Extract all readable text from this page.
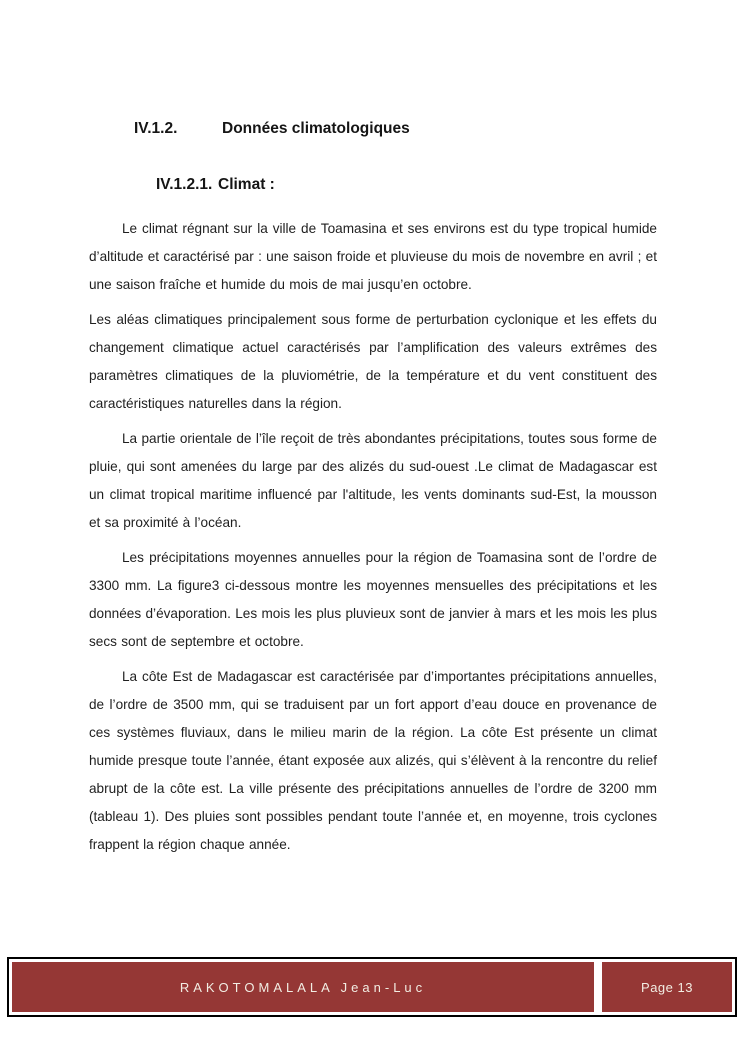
IV.1.2.	Données climatologiques
IV.1.2.1. Climat :

Le climat régnant sur la ville de Toamasina et ses environs est du type tropical humide d’altitude et caractérisé par : une saison froide et pluvieuse du mois de novembre en avril ; et une saison fraîche et humide du mois de mai jusqu’en octobre.

Les aléas climatiques principalement sous forme de perturbation cyclonique et les effets du changement climatique actuel caractérisés par l’amplification des valeurs extrêmes des paramètres climatiques de la pluviométrie, de la température et du vent constituent des caractéristiques naturelles dans la région.

La partie orientale de l’île reçoit de très abondantes précipitations, toutes sous forme de pluie, qui sont amenées du large par des alizés du sud-ouest .Le climat de Madagascar est un climat tropical maritime influencé par l'altitude, les vents dominants sud-Est, la mousson et sa proximité à l’océan.

Les précipitations moyennes annuelles pour la région de Toamasina sont de l’ordre de 3300 mm. La figure3 ci-dessous montre les moyennes mensuelles des précipitations et les données d’évaporation. Les mois les plus pluvieux sont de janvier à mars et les mois les plus secs sont de septembre et octobre.

La côte Est de Madagascar est caractérisée par d’importantes précipitations annuelles, de l’ordre de 3500 mm, qui se traduisent par un fort apport d’eau douce en provenance de ces systèmes fluviaux, dans le milieu marin de la région. La côte Est présente un climat humide presque toute l’année, étant exposée aux alizés, qui s’élèvent à la rencontre du relief abrupt de la côte est. La ville présente des précipitations annuelles de l’ordre de 3200 mm (tableau 1). Des pluies sont possibles pendant toute l’année et, en moyenne, trois cyclones frappent la région chaque année.

RAKOTOMALALA Jean-Luc	Page 13
